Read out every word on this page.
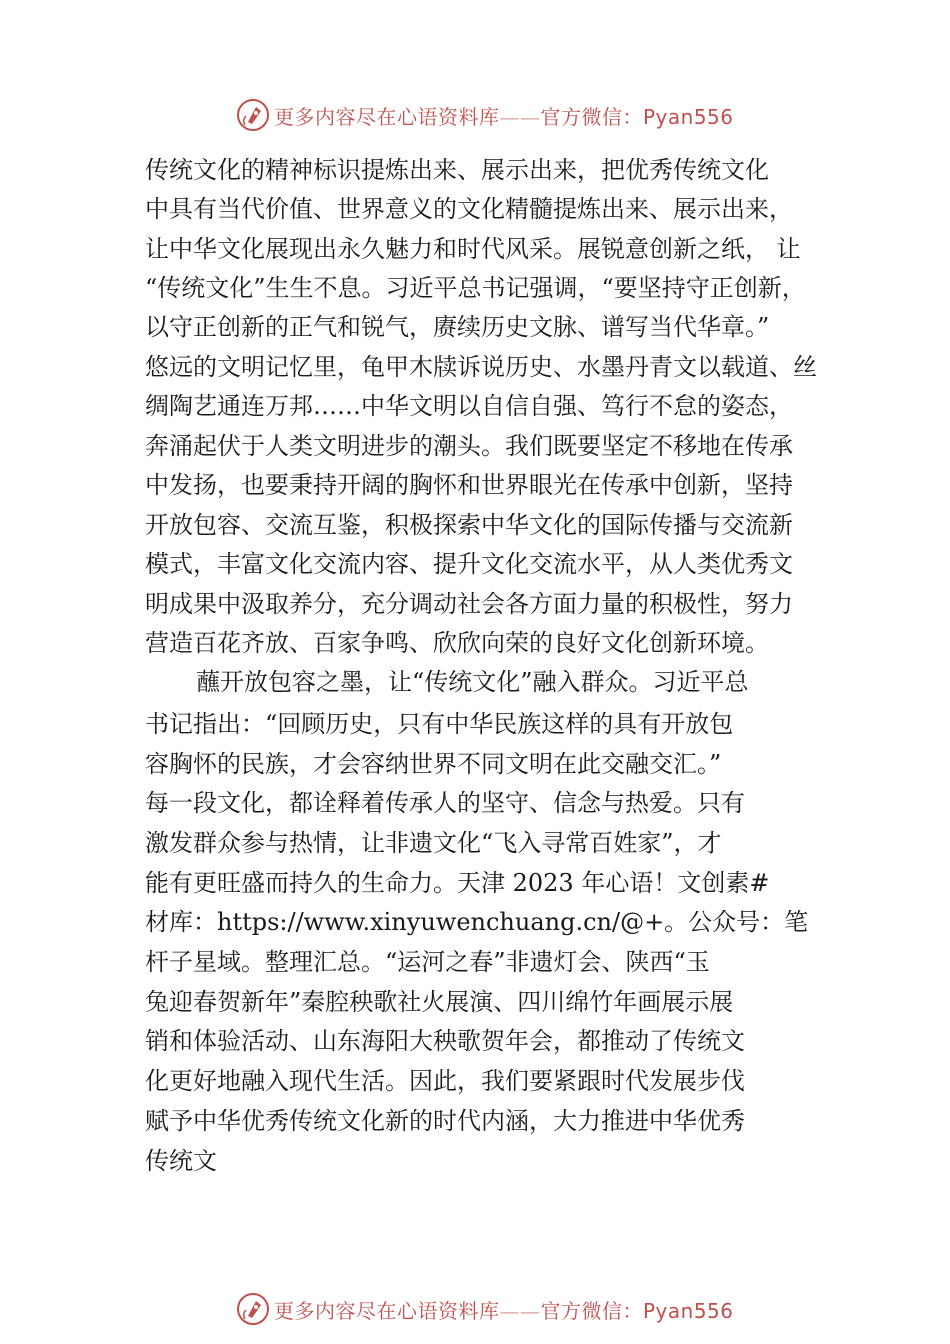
更多内容尽在心语资料库——官方微信：Pyan556
传统文化的精神标识提炼出来、展示出来，把优秀传统文化
中具有当代价值、世界意义的文化精髓提炼出来、展示出来，
让中华文化展现出永久魅力和时代风采。展锐意创新之纸， 让
“传统文化”生生不息。习近平总书记强调，“要坚持守正创新，
以守正创新的正气和锐气，赓续历史文脉、谱写当代华章。”
悠远的文明记忆里，龟甲木牍诉说历史、水墨丹青文以载道、丝
绸陶艺通连万邦……中华文明以自信自强、笃行不怠的姿态，
奔涌起伏于人类文明进步的潮头。我们既要坚定不移地在传承
中发扬，也要秉持开阔的胸怀和世界眼光在传承中创新，坚持
开放包容、交流互鉴，积极探索中华文化的国际传播与交流新
模式，丰富文化交流内容、提升文化交流水平，从人类优秀文
明成果中汲取养分，充分调动社会各方面力量的积极性，努力
营造百花齐放、百家争鸣、欣欣向荣的良好文化创新环境。
蘸开放包容之墨，让“传统文化”融入群众。习近平总
书记指出：“回顾历史，只有中华民族这样的具有开放包
容胸怀的民族，才会容纳世界不同文明在此交融交汇。”
每一段文化，都诠释着传承人的坚守、信念与热爱。只有
激发群众参与热情，让非遗文化“飞入寻常百姓家”，才
能有更旺盛而持久的生命力。天津 2023 年心语！文创素#
材库：https://www.xinyuwenchuang.cn/@+。公众号：笔
杆子星域。整理汇总。“运河之春”非遗灯会、陕西“玉
兔迎春贺新年”秦腔秧歌社火展演、四川绵竹年画展示展
销和体验活动、山东海阳大秧歌贺年会，都推动了传统文
化更好地融入现代生活。因此，我们要紧跟时代发展步伐
赋予中华优秀传统文化新的时代内涵，大力推进中华优秀
传统文
更多内容尽在心语资料库——官方微信：Pyan556
